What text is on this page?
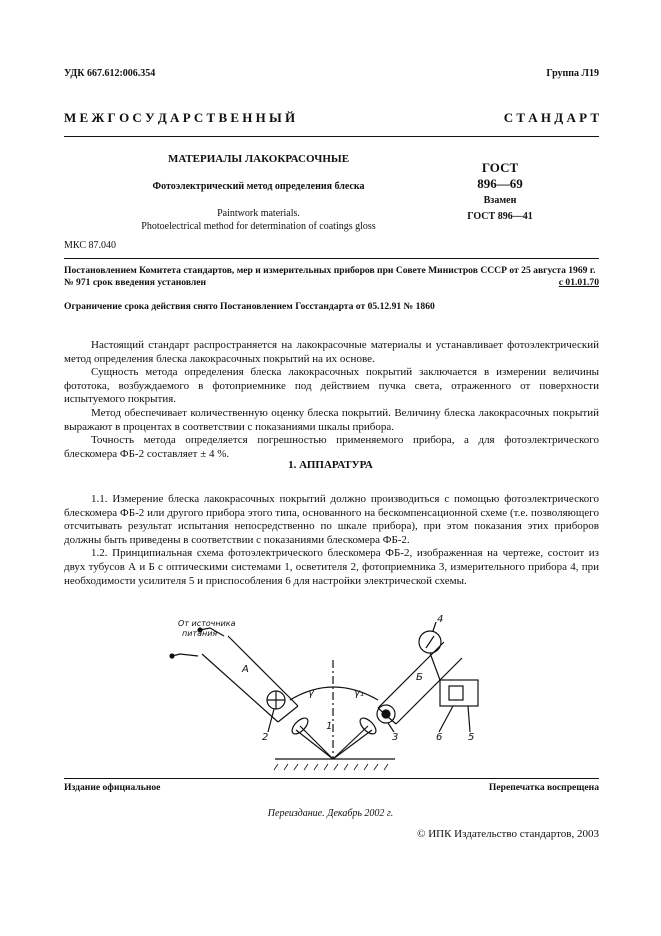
УДК 667.612:006.354	Группа Л19
М Е Ж Г О С У Д А Р С Т В Е Н Н Ы Й	С Т А Н Д А Р Т
МАТЕРИАЛЫ ЛАКОКРАСОЧНЫЕ
Фотоэлектрический метод определения блеска
Paintwork materials.
Photoelectrical method for determination of coatings gloss
ГОСТ
896—69
Взамен
ГОСТ 896—41
МКС 87.040
Постановлением Комитета стандартов, мер и измерительных приборов при Совете Министров СССР от 25 августа 1969 г. № 971 срок введения установлен	с 01.01.70
Ограничение срока действия снято Постановлением Госстандарта от 05.12.91 № 1860

Настоящий стандарт распространяется на лакокрасочные материалы и устанавливает фотоэлектрический метод определения блеска лакокрасочных покрытий на их основе.

Сущность метода определения блеска лакокрасочных покрытий заключается в измерении величины фототока, возбуждаемого в фотоприемнике под действием пучка света, отраженного от поверхности испытуемого покрытия.

Метод обеспечивает количественную оценку блеска покрытий. Величину блеска лакокрасочных покрытий выражают в процентах в соответствии с показаниями шкалы прибора.

Точность метода определяется погрешностью применяемого прибора, а для фотоэлектрического блескомера ФБ-2 составляет ± 4 %.

1. АППАРАТУРА

1.1. Измерение блеска лакокрасочных покрытий должно производиться с помощью фотоэлектрического блескомера ФБ-2 или другого прибора этого типа, основанного на бескомпенсационной схеме (т.е. позволяющего отсчитывать результат испытания непосредственно по шкале прибора), при этом показания этих приборов должны быть приведены в соответствии с показаниями блескомера ФБ-2.

1.2. Принципиальная схема фотоэлектрического блескомера ФБ-2, изображенная на чертеже, состоит из двух тубусов А и Б с оптическими системами 1, осветителя 2, фотоприемника 3, измерительного прибора 4, при необходимости усилителя 5 и приспособления 6 для настройки электрической схемы.

От источника
питания
А
Б
γ	γ₁
1
2	3
4
5
6
Издание официальное	Перепечатка воспрещена
Переиздание. Декабрь 2002 г.
© ИПК Издательство стандартов, 2003
